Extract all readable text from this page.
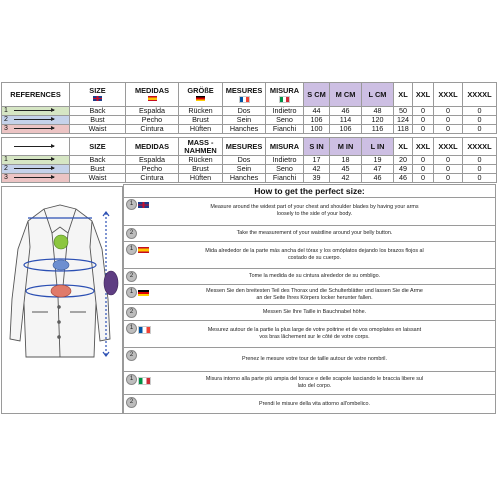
REFERENCES	SIZE	MEDIDAS	GRÖßE	MESURES	MISURA	S CM	M CM	L CM	XL	XXL	XXXL	XXXXL

1	Back	Espalda	Rücken	Dos	Indietro	44	46	48	50	0	0	0

2	Bust	Pecho	Brust	Sein	Seno	106	114	120	124	0	0	0

3	Waist	Cintura	Hüften	Hanches	Fianchi	100	106	116	118	0	0	0
	SIZE	MEDIDAS	MASS - NAHMEN	MESURES	MISURA	S IN	M IN	L IN	XL	XXL	XXXL	XXXXL

1	Back	Espalda	Rücken	Dos	Indietro	17	18	19	20	0	0	0

2	Bust	Pecho	Brust	Sein	Seno	42	45	47	49	0	0	0

3	Waist	Cintura	Hüften	Hanches	Fianchi	39	42	46	46	0	0	0
How to get the perfect size:
1	Measure around the widest part of your chest and shoulder blades by having your arms loosely to the side of your body.
2	Take the measurement of your waistline around your belly button.
1	Mida alrededor de la parte más ancha del tórax y los omóplatos dejando los brazos flojos al costado de su cuerpo.
2	Tome la medida de su cintura alrededor de su ombligo.
1	Messen Sie den breitesten Teil des Thorax und die Schulterblätter und lassen Sie die Arme an der Seite Ihres Körpers locker herunter fallen.
2	Messen Sie Ihre Taille in Bauchnabel höhe.
1	Mesurez autour de la partie la plus large de votre poitrine et de vos omoplates en laissant vos bras lâchement sur le côté de votre corps.
2
Prenez le mesure votre tour de taille autour de votre nombril.
1	Misura intorno alla parte più ampia del torace e delle scapole lasciando le braccia libere sul lato del corpo.
2	Prendi le misure della vita attorno all'ombelico.
